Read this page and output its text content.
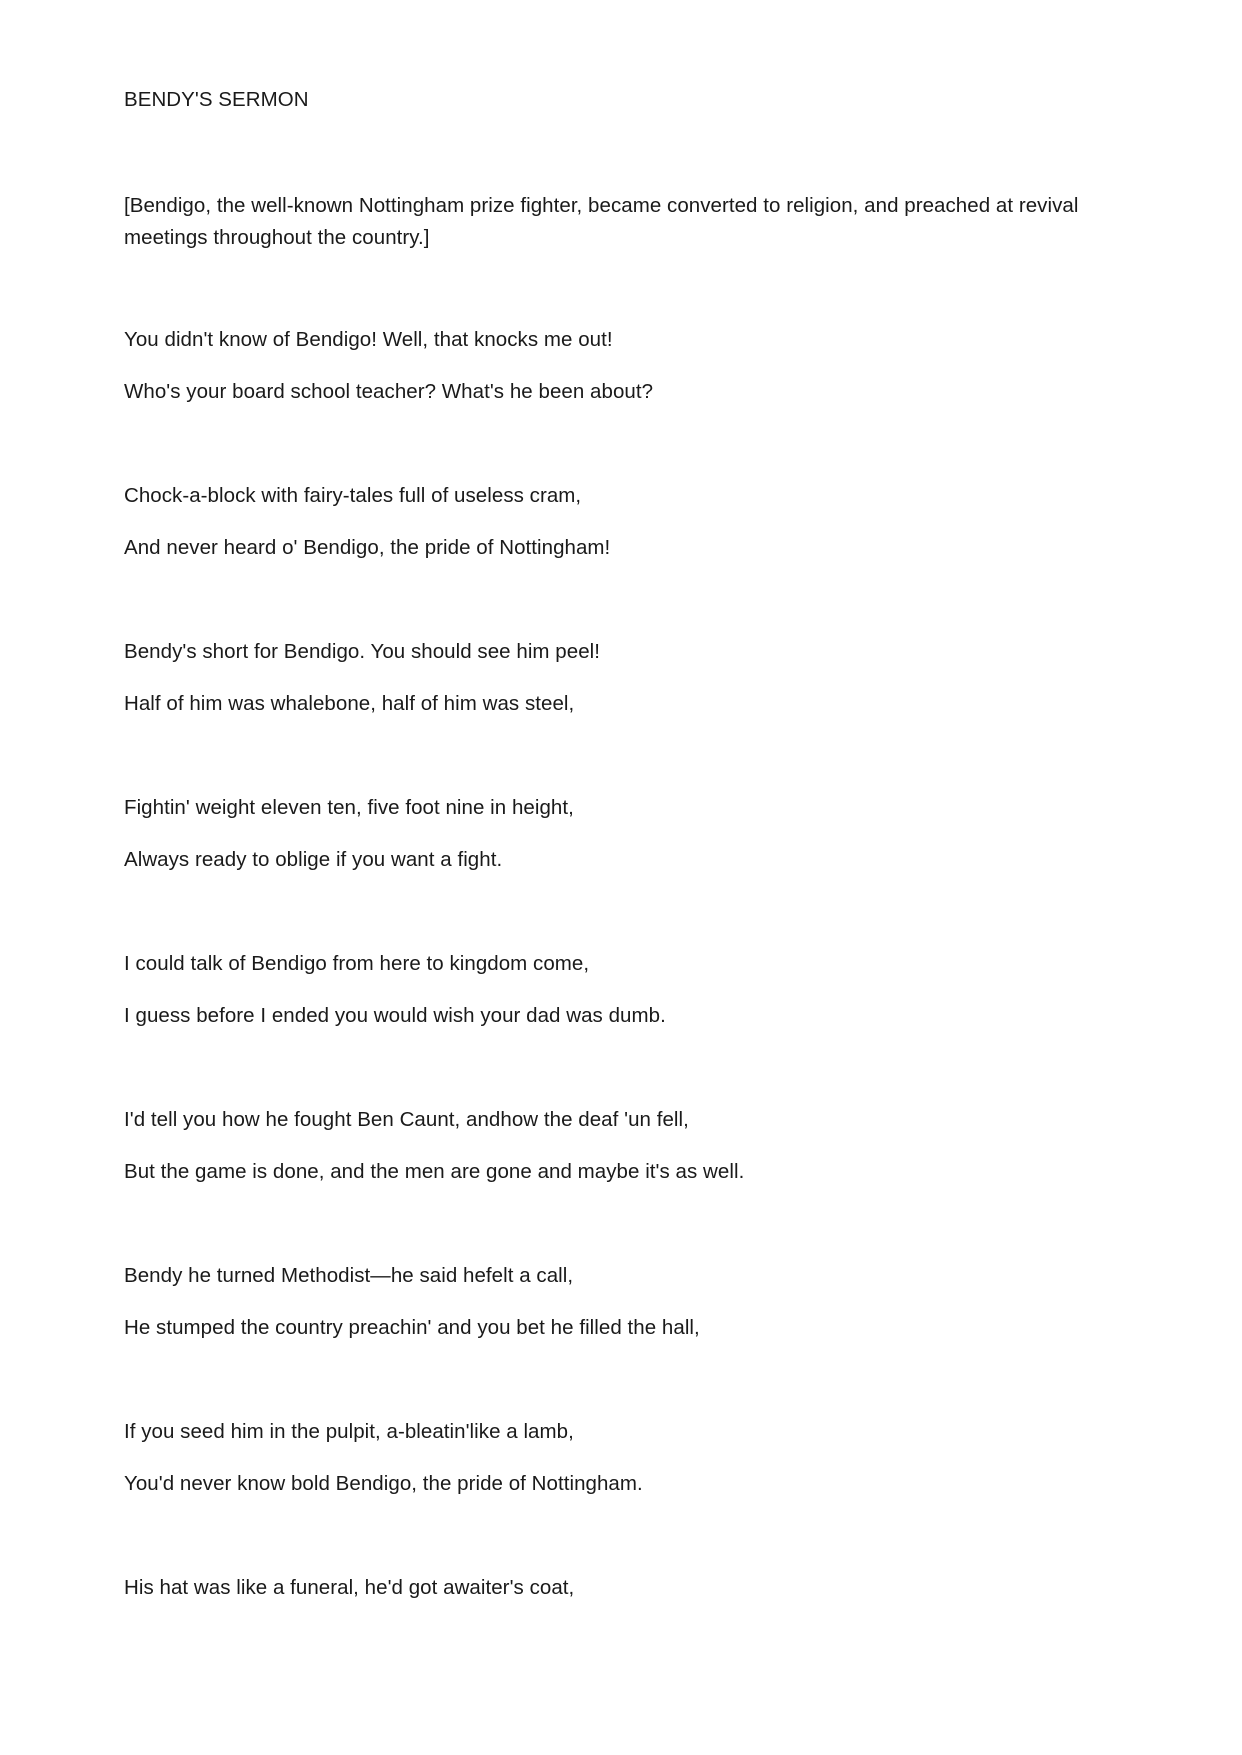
BENDY'S SERMON

[Bendigo, the well-known Nottingham prize fighter, became converted to religion, and preached at revival meetings throughout the country.]

You didn't know of Bendigo! Well, that knocks me out!

Who's your board school teacher? What's he been about?

Chock-a-block with fairy-tales full of useless cram,

And never heard o' Bendigo, the pride of Nottingham!

Bendy's short for Bendigo. You should see him peel!

Half of him was whalebone, half of him was steel,

Fightin' weight eleven ten, five foot nine in height,

Always ready to oblige if you want a fight.

I could talk of Bendigo from here to kingdom come,

I guess before I ended you would wish your dad was dumb.

I'd tell you how he fought Ben Caunt, andhow the deaf 'un fell,

But the game is done, and the men are gone and maybe it's as well.

Bendy he turned Methodist—he said hefelt a call,

He stumped the country preachin' and you bet he filled the hall,

If you seed him in the pulpit, a-bleatin'like a lamb,

You'd never know bold Bendigo, the pride of Nottingham.

His hat was like a funeral, he'd got awaiter's coat,
